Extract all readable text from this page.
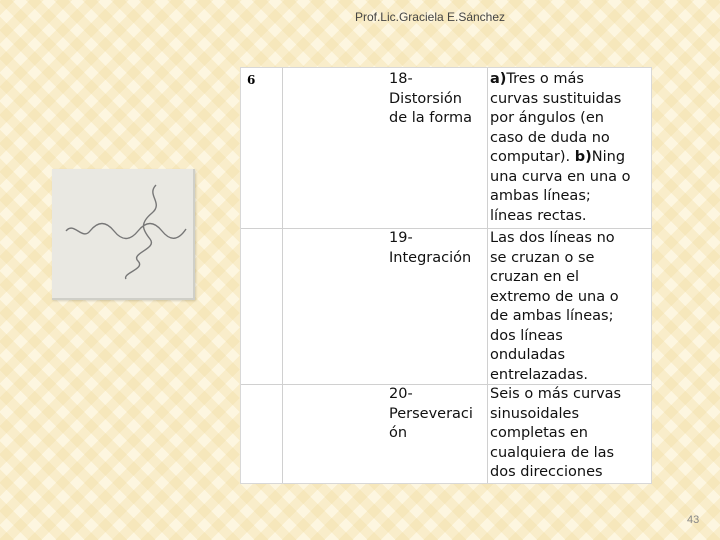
Prof.Lic.Graciela E.Sánchez
6	18-
Distorsión
de la forma
a)Tres o más
curvas sustituidas
por ángulos (en
caso de duda no
computar). b)Ning
una curva en una o
ambas líneas;
líneas rectas.
19-
Integración
Las dos líneas no
se cruzan o se
cruzan en el
extremo de una o
de ambas líneas;
dos líneas
onduladas
entrelazadas.
20-
Perseveraci
ón
Seis o más curvas
sinusoidales
completas en
cualquiera de las
dos direcciones
43
